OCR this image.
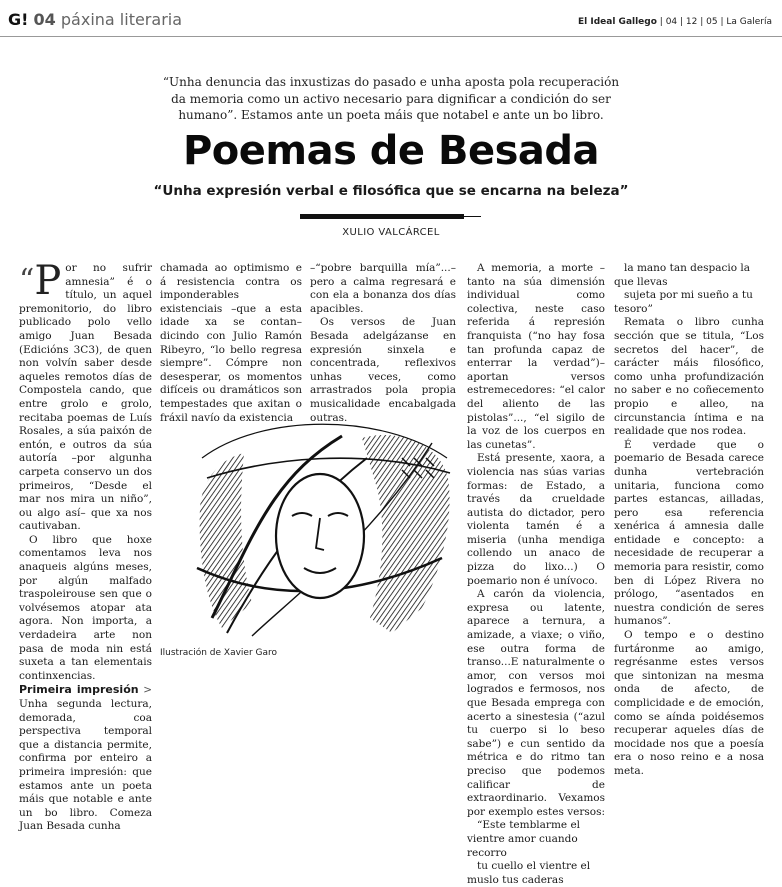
G! 04 páxina literaria	El Ideal Gallego | 04 | 12 | 05 | La Galería
“Unha denuncia das inxustizas do pasado e unha aposta pola recuperación da memoria como un activo necesario para dignificar a condición do ser humano”. Estamos ante un poeta máis que notabel e ante un bo libro.
Poemas de Besada
“Unha expresión verbal e filosófica que se encarna na beleza”
XULIO VALCÁRCEL

“P or no sufrir amnesia” é o título, un aquel premonitorio, do libro publicado polo vello amigo Juan Besada (Edicións 3C3), de quen non volvín saber desde aqueles remotos días de Compostela cando, que entre grolo e grolo, recitaba poemas de Luís Rosales, a súa paixón de entón, e outros da súa autoría –por algunha carpeta conservo un dos primeiros, “Desde el mar nos mira un niño”, ou algo así– que xa nos cautivaban.

O libro que hoxe comentamos leva nos anaqueis algúns meses, por algún malfado traspoleirouse sen que o volvésemos atopar ata agora. Non importa, a verdadeira arte non pasa de moda nin está suxeta a tan elementais continxencias.

Primeira impresión > Unha segunda lectura, demorada, coa perspectiva temporal que a distancia permite, confirma por enteiro a primeira impresión: que estamos ante un poeta máis que notable e ante un bo libro. Comeza Juan Besada cunha

chamada ao optimismo e á resistencia contra os imponderables existenciais –que a esta idade xa se contan– dicindo con Julio Ramón Ribeyro, “lo bello regresa siempre”. Cómpre non desesperar, os momentos difíceis ou dramáticos son tempestades que axitan o fráxil navío da existencia

–“pobre barquilla mía”...– pero a calma regresará e con ela a bonanza dos días apacibles.

Os versos de Juan Besada adelgázanse en expresión sinxela e concentrada, reflexivos unhas veces, como arrastrados pola propia musicalidade encabalgada outras.

A memoria, a morte –tanto na súa dimensión individual como colectiva, neste caso referida á represión franquista (“no hay fosa tan profunda capaz de enterrar la verdad”)– aportan versos estremecedores: “el calor del aliento de las pistolas”..., “el sigilo de la voz de los cuerpos en las cunetas”.

Está presente, xaora, a violencia nas súas varias formas: de Estado, a través da crueldade autista do dictador, pero violenta tamén é a miseria (unha mendiga collendo un anaco de pizza do lixo...) O poemario non é unívoco.

A carón da violencia, expresa ou latente, aparece a ternura, a amizade, a viaxe; o viño, ese outra forma de transo...E naturalmente o amor, con versos moi logrados e fermosos, nos que Besada emprega con acerto a sinestesia (“azul tu cuerpo si lo beso sabe”) e cun sentido da métrica e do ritmo tan preciso que podemos calificar de extraordinario. Vexamos por exemplo estes versos:

“Este temblarme el vientre amor cuando recorro

tu cuello el vientre el muslo tus caderas

la mano tan despacio la que llevas

sujeta por mi sueño a tu tesoro”

Remata o libro cunha sección que se titula, “Los secretos del hacer”, de carácter máis filosófico, como unha profundización no saber e no coñecemento propio e alleo, na circunstancia íntima e na realidade que nos rodea.

É verdade que o poemario de Besada carece dunha vertebración unitaria, funciona como partes estancas, ailladas, pero esa referencia xenérica á amnesia dalle entidade e concepto: a necesidade de recuperar a memoria para resistir, como ben di López Rivera no prólogo, “asentados en nuestra condición de seres humanos”.

O tempo e o destino furtáronme ao amigo, regrésanme estes versos que sintonizan na mesma onda de afecto, de complicidade e de emoción, como se aínda poidésemos recuperar aqueles días de mocidade nos que a poesía era o noso reino e a nosa meta.

Ilustración de Xavier Garo
